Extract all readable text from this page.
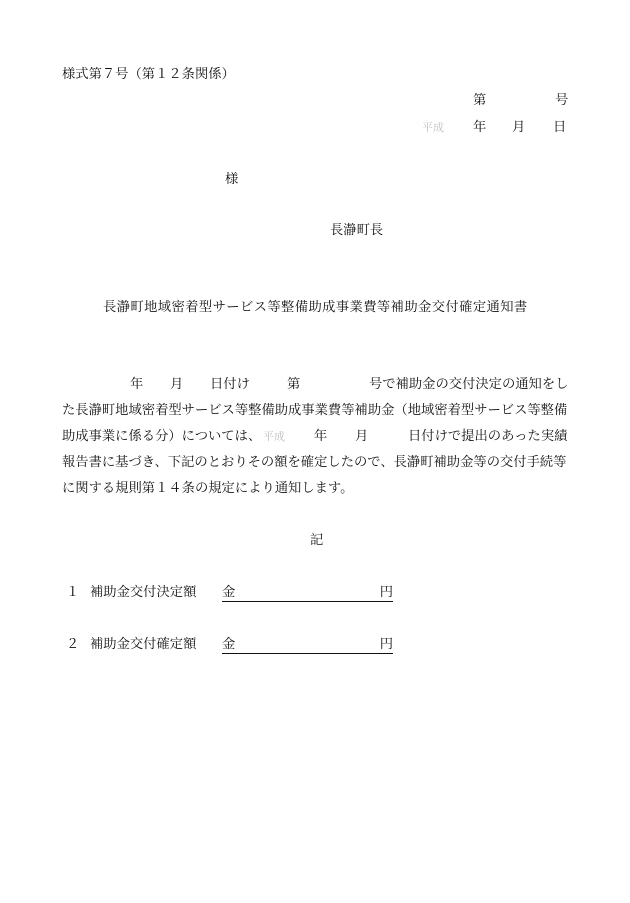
様式第７号（第１２条関係）
第	号
平成 年 月 日
様
長瀞町長
長瀞町地域密着型サービス等整備助成事業費等補助金交付確定通知書
年 月 日付け	第	号で補助金の交付決定の通知をし
た長瀞町地域密着型サービス等整備助成事業費等補助金（地域密着型サービス等整備
助成事業に係る分）については、 平成 年 月	日付けで提出のあった実績
報告書に基づき、下記のとおりその額を確定したので、長瀞町補助金等の交付手続等
に関する規則第１４条の規定により通知します。
記
１ 補助金交付決定額 金	円
２ 補助金交付確定額 金	円
